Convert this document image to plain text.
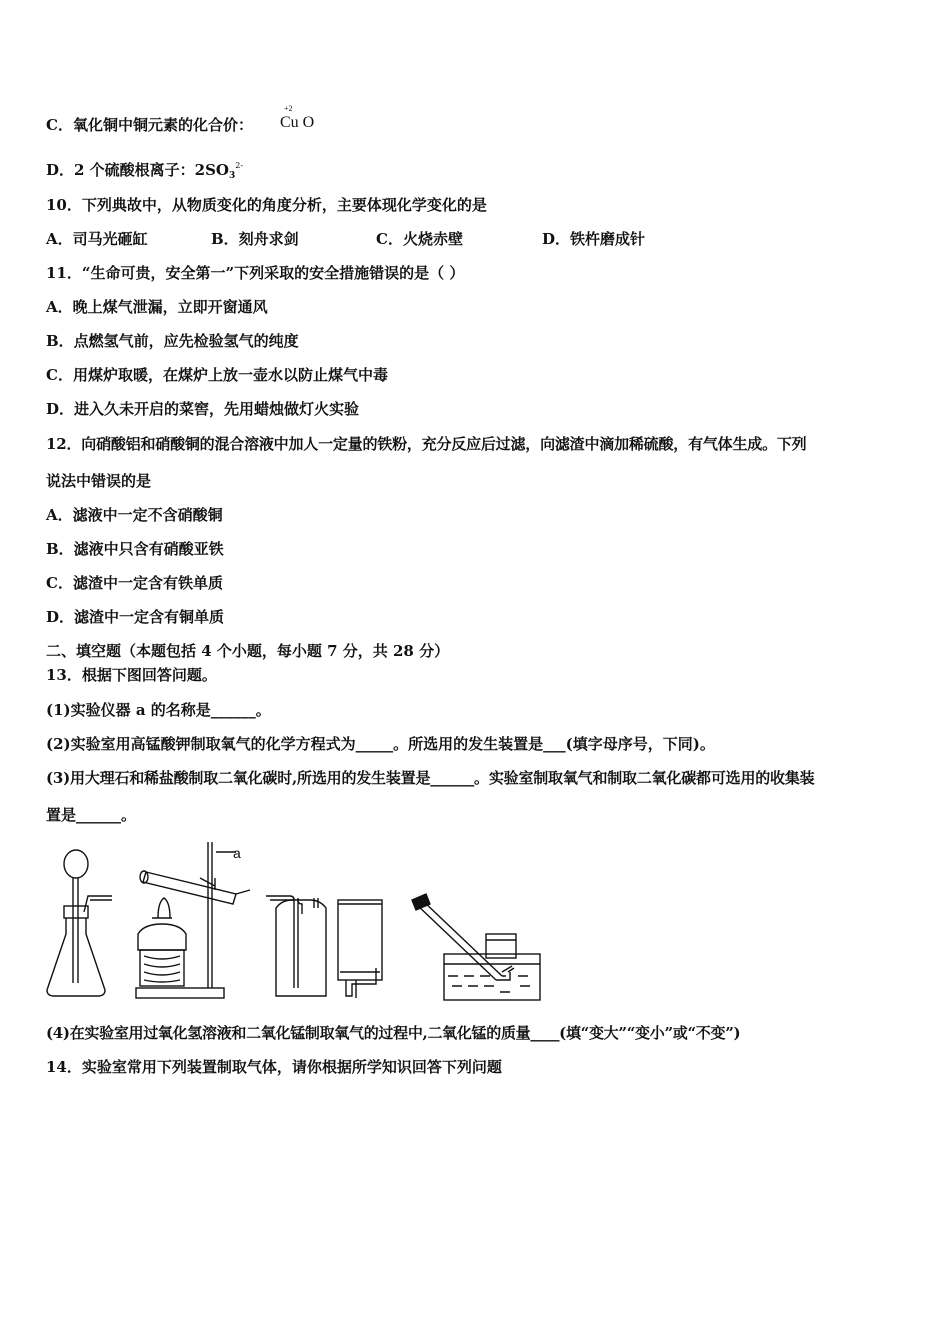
C．氧化铜中铜元素的化合价：
+2
Cu O
D．2 个硫酸根离子：$2SO_3^{2-}$
10．下列典故中，从物质变化的角度分析，主要体现化学变化的是
A．司马光砸缸	B．刻舟求剑	C．火烧赤壁	D．铁杵磨成针
11．“生命可贵，安全第一”下列采取的安全措施错误的是（ ）
A．晚上煤气泄漏，立即开窗通风
B．点燃氢气前，应先检验氢气的纯度
C．用煤炉取暖，在煤炉上放一壶水以防止煤气中毒
D．进入久未开启的菜窖，先用蜡烛做灯火实验
12．向硝酸铝和硝酸铜的混合溶液中加人一定量的铁粉，充分反应后过滤，向滤渣中滴加稀硫酸，有气体生成。下列
说法中错误的是
A．滤液中一定不含硝酸铜
B．滤液中只含有硝酸亚铁
C．滤渣中一定含有铁单质
D．滤渣中一定含有铜单质
二、填空题（本题包括 4 个小题，每小题 7 分，共 28 分）
13．根据下图回答问题。
(1)实验仪器 a 的名称是______。
(2)实验室用高锰酸钾制取氧气的化学方程式为_____。所选用的发生装置是___(填字母序号，下同)。
(3)用大理石和稀盐酸制取二氧化碳时,所选用的发生装置是______。实验室制取氧气和制取二氧化碳都可选用的收集装
置是______。
a
(4)在实验室用过氧化氢溶液和二氧化锰制取氧气的过程中,二氧化锰的质量____(填“变大”“变小”或“不变”)
14．实验室常用下列装置制取气体，请你根据所学知识回答下列问题
